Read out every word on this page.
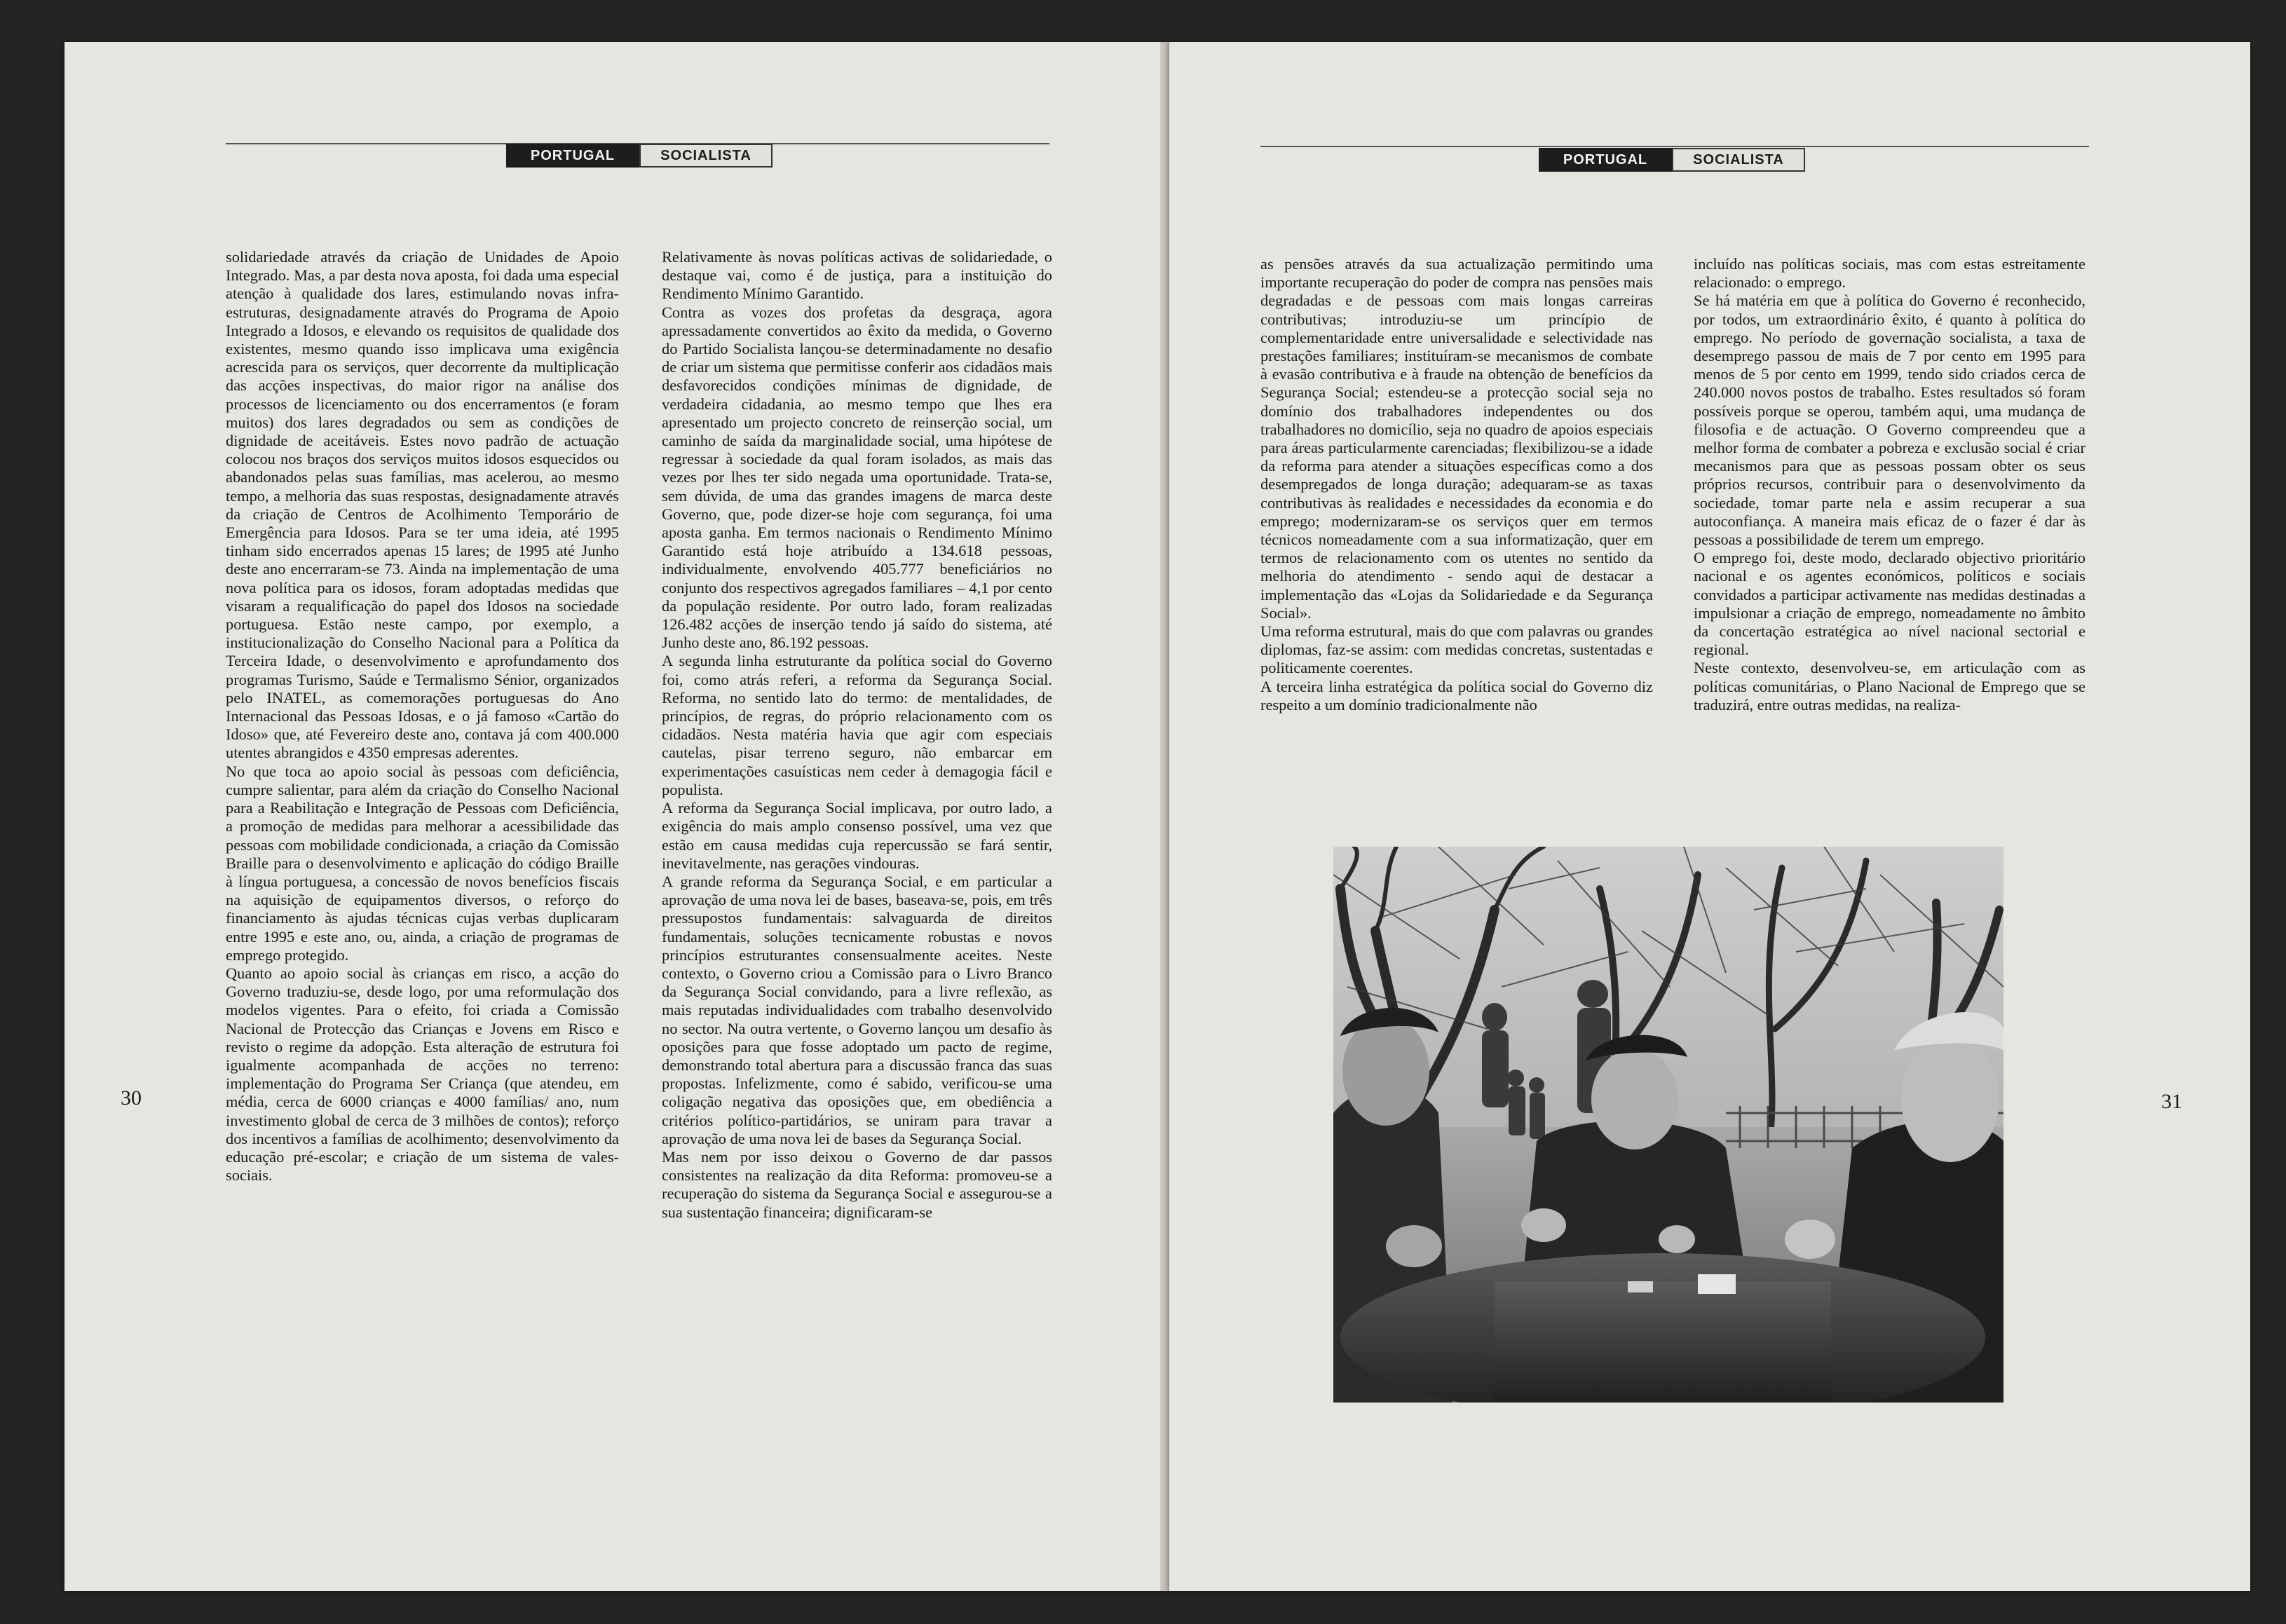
PORTUGAL	SOCIALISTA

solidariedade através da criação de Unidades de Apoio Integrado. Mas, a par desta nova aposta, foi dada uma especial atenção à qualidade dos lares, estimulando novas infra-estruturas, designadamente através do Programa de Apoio Integrado a Idosos, e elevando os requisitos de qualidade dos existentes, mesmo quando isso implicava uma exigência acrescida para os serviços, quer decorrente da multiplicação das acções inspectivas, do maior rigor na análise dos processos de licenciamento ou dos encerramentos (e foram muitos) dos lares degradados ou sem as condições de dignidade de aceitáveis. Estes novo padrão de actuação colocou nos braços dos serviços muitos idosos esquecidos ou abandonados pelas suas famílias, mas acelerou, ao mesmo tempo, a melhoria das suas respostas, designadamente através da criação de Centros de Acolhimento Temporário de Emergência para Idosos. Para se ter uma ideia, até 1995 tinham sido encerrados apenas 15 lares; de 1995 até Junho deste ano encerraram-se 73. Ainda na implementação de uma nova política para os idosos, foram adoptadas medidas que visaram a requalificação do papel dos Idosos na sociedade portuguesa. Estão neste campo, por exemplo, a institucionalização do Conselho Nacional para a Política da Terceira Idade, o desenvolvimento e aprofundamento dos programas Turismo, Saúde e Termalismo Sénior, organizados pelo INATEL, as comemorações portuguesas do Ano Internacional das Pessoas Idosas, e o já famoso «Cartão do Idoso» que, até Fevereiro deste ano, contava já com 400.000 utentes abrangidos e 4350 empresas aderentes.
No que toca ao apoio social às pessoas com deficiência, cumpre salientar, para além da criação do Conselho Nacional para a Reabilitação e Integração de Pessoas com Deficiência, a promoção de medidas para melhorar a acessibilidade das pessoas com mobilidade condicionada, a criação da Comissão Braille para o desenvolvimento e aplicação do código Braille à língua portuguesa, a concessão de novos benefícios fiscais na aquisição de equipamentos diversos, o reforço do financiamento às ajudas técnicas cujas verbas duplicaram entre 1995 e este ano, ou, ainda, a criação de programas de emprego protegido.
Quanto ao apoio social às crianças em risco, a acção do Governo traduziu-se, desde logo, por uma reformulação dos modelos vigentes. Para o efeito, foi criada a Comissão Nacional de Protecção das Crianças e Jovens em Risco e revisto o regime da adopção. Esta alteração de estrutura foi igualmente acompanhada de acções no terreno: implementação do Programa Ser Criança (que atendeu, em média, cerca de 6000 crianças e 4000 famílias/ ano, num investimento global de cerca de 3 milhões de contos); reforço dos incentivos a famílias de acolhimento; desenvolvimento da educação pré-escolar; e criação de um sistema de vales-sociais.

Relativamente às novas políticas activas de solidariedade, o destaque vai, como é de justiça, para a instituição do Rendimento Mínimo Garantido.
Contra as vozes dos profetas da desgraça, agora apressadamente convertidos ao êxito da medida, o Governo do Partido Socialista lançou-se determinadamente no desafio de criar um sistema que permitisse conferir aos cidadãos mais desfavorecidos condições mínimas de dignidade, de verdadeira cidadania, ao mesmo tempo que lhes era apresentado um projecto concreto de reinserção social, um caminho de saída da marginalidade social, uma hipótese de regressar à sociedade da qual foram isolados, as mais das vezes por lhes ter sido negada uma oportunidade. Trata-se, sem dúvida, de uma das grandes imagens de marca deste Governo, que, pode dizer-se hoje com segurança, foi uma aposta ganha. Em termos nacionais o Rendimento Mínimo Garantido está hoje atribuído a 134.618 pessoas, individualmente, envolvendo 405.777 beneficiários no conjunto dos respectivos agregados familiares – 4,1 por cento da população residente. Por outro lado, foram realizadas 126.482 acções de inserção tendo já saído do sistema, até Junho deste ano, 86.192 pessoas.
A segunda linha estruturante da política social do Governo foi, como atrás referi, a reforma da Segurança Social. Reforma, no sentido lato do termo: de mentalidades, de princípios, de regras, do próprio relacionamento com os cidadãos. Nesta matéria havia que agir com especiais cautelas, pisar terreno seguro, não embarcar em experimentações casuísticas nem ceder à demagogia fácil e populista.
A reforma da Segurança Social implicava, por outro lado, a exigência do mais amplo consenso possível, uma vez que estão em causa medidas cuja repercussão se fará sentir, inevitavelmente, nas gerações vindouras.
A grande reforma da Segurança Social, e em particular a aprovação de uma nova lei de bases, baseava-se, pois, em três pressupostos fundamentais: salvaguarda de direitos fundamentais, soluções tecnicamente robustas e novos princípios estruturantes consensualmente aceites. Neste contexto, o Governo criou a Comissão para o Livro Branco da Segurança Social convidando, para a livre reflexão, as mais reputadas individualidades com trabalho desenvolvido no sector. Na outra vertente, o Governo lançou um desafio às oposições para que fosse adoptado um pacto de regime, demonstrando total abertura para a discussão franca das suas propostas. Infelizmente, como é sabido, verificou-se uma coligação negativa das oposições que, em obediência a critérios político-partidários, se uniram para travar a aprovação de uma nova lei de bases da Segurança Social.
Mas nem por isso deixou o Governo de dar passos consistentes na realização da dita Reforma: promoveu-se a recuperação do sistema da Segurança Social e assegurou-se a sua sustentação financeira; dignificaram-se

30
PORTUGAL	SOCIALISTA

as pensões através da sua actualização permitindo uma importante recuperação do poder de compra nas pensões mais degradadas e de pessoas com mais longas carreiras contributivas; introduziu-se um princípio de complementaridade entre universalidade e selectividade nas prestações familiares; instituíram-se mecanismos de combate à evasão contributiva e à fraude na obtenção de benefícios da Segurança Social; estendeu-se a protecção social seja no domínio dos trabalhadores independentes ou dos trabalhadores no domicílio, seja no quadro de apoios especiais para áreas particularmente carenciadas; flexibilizou-se a idade da reforma para atender a situações específicas como a dos desempregados de longa duração; adequaram-se as taxas contributivas às realidades e necessidades da economia e do emprego; modernizaram-se os serviços quer em termos técnicos nomeadamente com a sua informatização, quer em termos de relacionamento com os utentes no sentido da melhoria do atendimento - sendo aqui de destacar a implementação das «Lojas da Solidariedade e da Segurança Social».
Uma reforma estrutural, mais do que com palavras ou grandes diplomas, faz-se assim: com medidas concretas, sustentadas e politicamente coerentes.
A terceira linha estratégica da política social do Governo diz respeito a um domínio tradicionalmente não

incluído nas políticas sociais, mas com estas estreitamente relacionado: o emprego.
Se há matéria em que à política do Governo é reconhecido, por todos, um extraordinário êxito, é quanto à política do emprego. No período de governação socialista, a taxa de desemprego passou de mais de 7 por cento em 1995 para menos de 5 por cento em 1999, tendo sido criados cerca de 240.000 novos postos de trabalho. Estes resultados só foram possíveis porque se operou, também aqui, uma mudança de filosofia e de actuação. O Governo compreendeu que a melhor forma de combater a pobreza e exclusão social é criar mecanismos para que as pessoas possam obter os seus próprios recursos, contribuir para o desenvolvimento da sociedade, tomar parte nela e assim recuperar a sua autoconfiança. A maneira mais eficaz de o fazer é dar às pessoas a possibilidade de terem um emprego.
O emprego foi, deste modo, declarado objectivo prioritário nacional e os agentes económicos, políticos e sociais convidados a participar activamente nas medidas destinadas a impulsionar a criação de emprego, nomeadamente no âmbito da concertação estratégica ao nível nacional sectorial e regional.
Neste contexto, desenvolveu-se, em articulação com as políticas comunitárias, o Plano Nacional de Emprego que se traduzirá, entre outras medidas, na realiza-

31
